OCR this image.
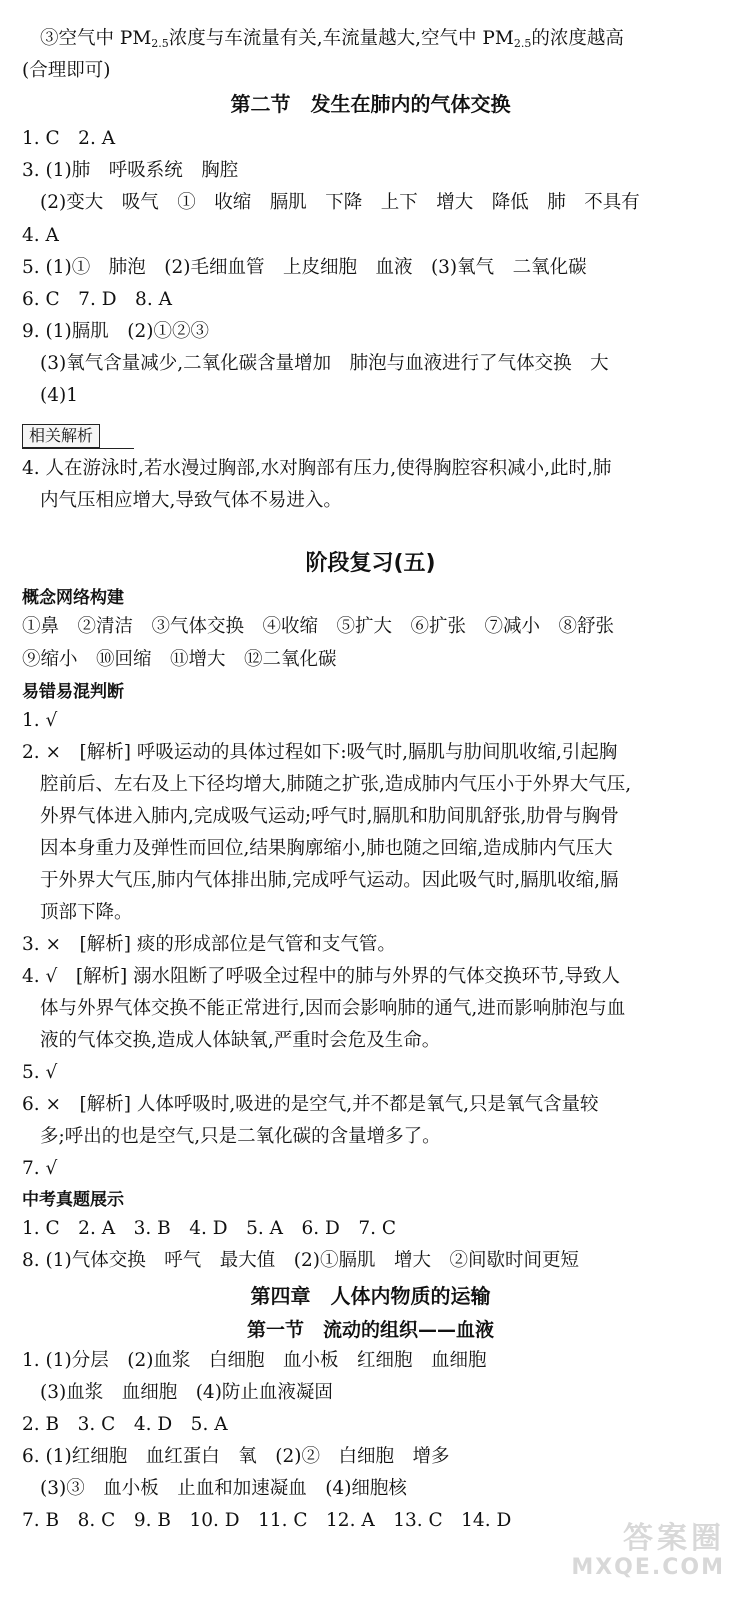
③空气中 PM2.5浓度与车流量有关,车流量越大,空气中 PM2.5的浓度越高
(合理即可)
第二节　发生在肺内的气体交换
1. C　2. A
3. (1)肺　呼吸系统　胸腔
(2)变大　吸气　①　收缩　膈肌　下降　上下　增大　降低　肺　不具有
4. A
5. (1)①　肺泡　(2)毛细血管　上皮细胞　血液　(3)氧气　二氧化碳
6. C　7. D　8. A
9. (1)膈肌　(2)①②③
(3)氧气含量减少,二氧化碳含量增加　肺泡与血液进行了气体交换　大
(4)1
相关解析
4. 人在游泳时,若水漫过胸部,水对胸部有压力,使得胸腔容积减小,此时,肺
内气压相应增大,导致气体不易进入。
阶段复习(五)
概念网络构建
①鼻　②清洁　③气体交换　④收缩　⑤扩大　⑥扩张　⑦减小　⑧舒张
⑨缩小　⑩回缩　⑪增大　⑫二氧化碳
易错易混判断
1. √
2. ×　[解析] 呼吸运动的具体过程如下:吸气时,膈肌与肋间肌收缩,引起胸
腔前后、左右及上下径均增大,肺随之扩张,造成肺内气压小于外界大气压,
外界气体进入肺内,完成吸气运动;呼气时,膈肌和肋间肌舒张,肋骨与胸骨
因本身重力及弹性而回位,结果胸廓缩小,肺也随之回缩,造成肺内气压大
于外界大气压,肺内气体排出肺,完成呼气运动。因此吸气时,膈肌收缩,膈
顶部下降。
3. ×　[解析] 痰的形成部位是气管和支气管。
4. √　[解析] 溺水阻断了呼吸全过程中的肺与外界的气体交换环节,导致人
体与外界气体交换不能正常进行,因而会影响肺的通气,进而影响肺泡与血
液的气体交换,造成人体缺氧,严重时会危及生命。
5. √
6. ×　[解析] 人体呼吸时,吸进的是空气,并不都是氧气,只是氧气含量较
多;呼出的也是空气,只是二氧化碳的含量增多了。
7. √
中考真题展示
1. C　2. A　3. B　4. D　5. A　6. D　7. C
8. (1)气体交换　呼气　最大值　(2)①膈肌　增大　②间歇时间更短
第四章　人体内物质的运输
第一节　流动的组织——血液
1. (1)分层　(2)血浆　白细胞　血小板　红细胞　血细胞
(3)血浆　血细胞　(4)防止血液凝固
2. B　3. C　4. D　5. A
6. (1)红细胞　血红蛋白　氧　(2)②　白细胞　增多
(3)③　血小板　止血和加速凝血　(4)细胞核
7. B　8. C　9. B　10. D　11. C　12. A　13. C　14. D
答案圈
MXQE.COM
